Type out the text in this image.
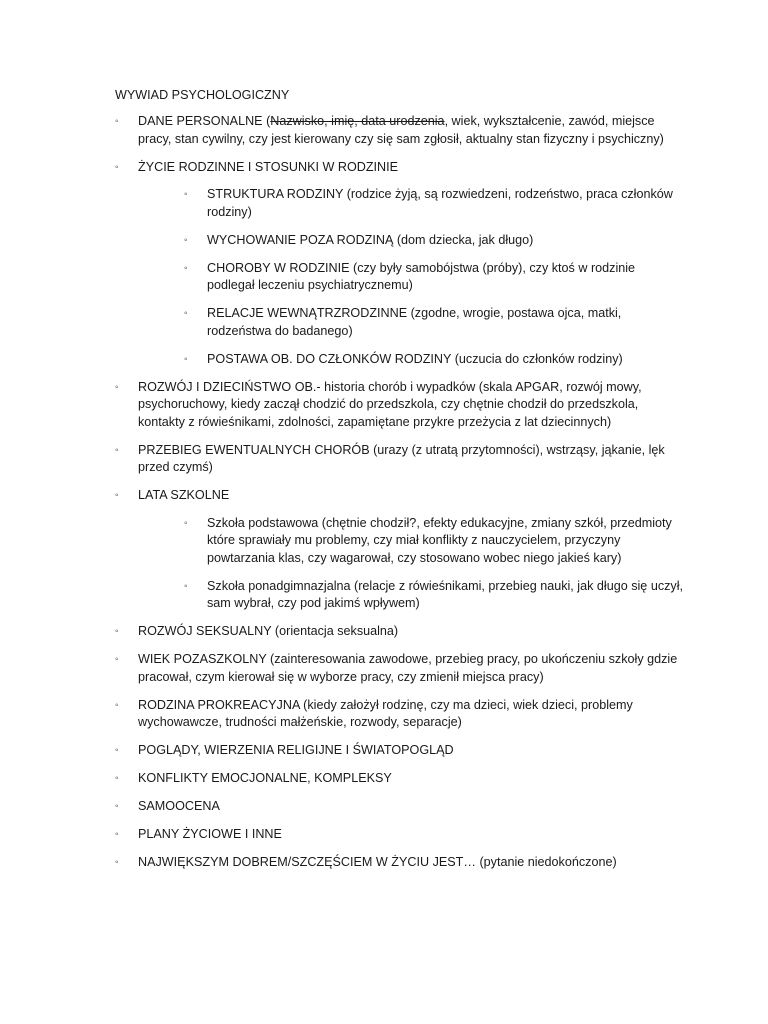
WYWIAD PSYCHOLOGICZNY
◦ DANE PERSONALNE (Nazwisko, imię, data urodzenia, wiek, wykształcenie, zawód, miejsce pracy, stan cywilny, czy jest kierowany czy się sam zgłosił, aktualny stan fizyczny i psychiczny)
◦ ŻYCIE RODZINNE I STOSUNKI W RODZINIE
◦ STRUKTURA RODZINY (rodzice żyją, są rozwiedzeni, rodzeństwo, praca członków rodziny)
◦ WYCHOWANIE POZA RODZINĄ (dom dziecka, jak długo)
◦ CHOROBY W RODZINIE (czy były samobójstwa (próby), czy ktoś w rodzinie podlegał leczeniu psychiatrycznemu)
◦ RELACJE WEWNĄTRZRODZINNE (zgodne, wrogie, postawa ojca, matki, rodzeństwa do badanego)
◦ POSTAWA OB. DO CZŁONKÓW RODZINY (uczucia do członków rodziny)
◦ ROZWÓJ I DZIECIŃSTWO OB.- historia chorób i wypadków (skala APGAR, rozwój mowy, psychoruchowy, kiedy zaczął chodzić do przedszkola, czy chętnie chodził do przedszkola, kontakty z rówieśnikami, zdolności, zapamiętane przykre przeżycia z lat dziecinnych)
◦ PRZEBIEG EWENTUALNYCH CHORÓB (urazy (z utratą przytomności), wstrząsy, jąkanie, lęk przed czymś)
◦ LATA SZKOLNE
◦ Szkoła podstawowa (chętnie chodził?, efekty edukacyjne, zmiany szkół, przedmioty które sprawiały mu problemy, czy miał konflikty z nauczycielem, przyczyny powtarzania klas, czy wagarował, czy stosowano wobec niego jakieś kary)
◦ Szkoła ponadgimnazjalna (relacje z rówieśnikami, przebieg nauki, jak długo się uczył, sam wybrał, czy pod jakimś wpływem)
◦ ROZWÓJ SEKSUALNY (orientacja seksualna)
◦ WIEK POZASZKOLNY (zainteresowania zawodowe, przebieg pracy, po ukończeniu szkoły gdzie pracował, czym kierował się w wyborze pracy, czy zmienił miejsca pracy)
◦ RODZINA PROKREACYJNA (kiedy założył rodzinę, czy ma dzieci, wiek dzieci, problemy wychowawcze, trudności małżeńskie, rozwody, separacje)
◦ POGLĄDY, WIERZENIA RELIGIJNE I ŚWIATOPOGLĄD
◦ KONFLIKTY EMOCJONALNE, KOMPLEKSY
◦ SAMOOCENA
◦ PLANY ŻYCIOWE I INNE
◦ NAJWIĘKSZYM DOBREM/SZCZĘŚCIEM W ŻYCIU JEST… (pytanie niedokończone)
